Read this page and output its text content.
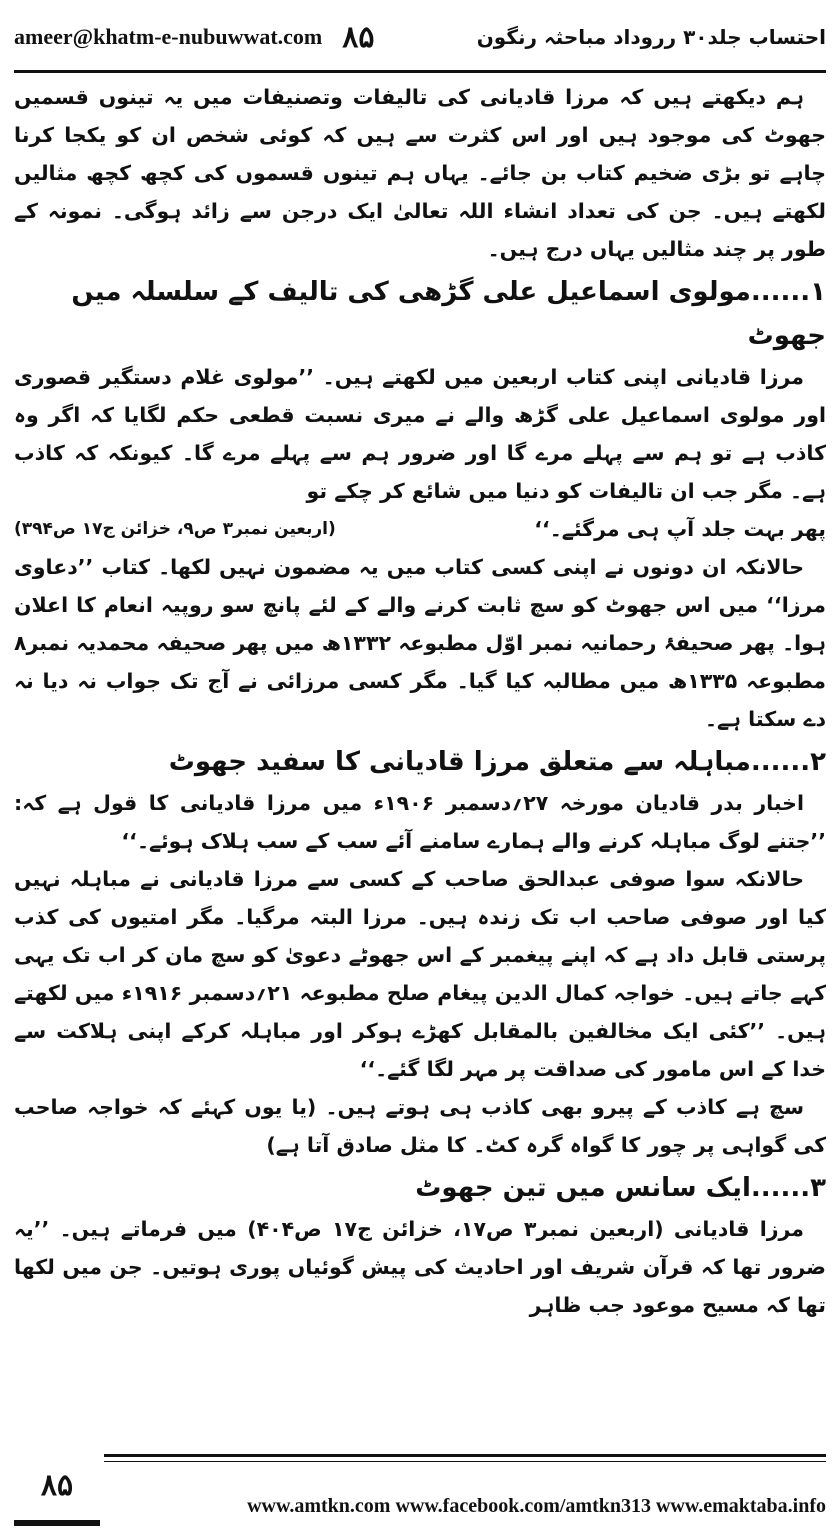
ameer@khatm-e-nubuwwat.com ۸۵	احتساب جلد۳۰ رروداد مباحثہ رنگون

ہم دیکھتے ہیں کہ مرزا قادیانی کی تالیفات وتصنیفات میں یہ تینوں قسمیں جھوٹ کی موجود ہیں اور اس کثرت سے ہیں کہ کوئی شخص ان کو یکجا کرنا چاہے تو بڑی ضخیم کتاب بن جائے۔ یہاں ہم تینوں قسموں کی کچھ کچھ مثالیں لکھتے ہیں۔ جن کی تعداد انشاء اللہ تعالیٰ ایک درجن سے زائد ہوگی۔ نمونہ کے طور پر چند مثالیں یہاں درج ہیں۔

۱......مولوی اسماعیل علی گڑھی کی تالیف کے سلسلہ میں جھوٹ

مرزا قادیانی اپنی کتاب اربعین میں لکھتے ہیں۔ ’’مولوی غلام دستگیر قصوری اور مولوی اسماعیل علی گڑھ والے نے میری نسبت قطعی حکم لگایا کہ اگر وہ کاذب ہے تو ہم سے پہلے مرے گا اور ضرور ہم سے پہلے مرے گا۔ کیونکہ کہ کاذب ہے۔ مگر جب ان تالیفات کو دنیا میں شائع کر چکے تو

پھر بہت جلد آپ ہی مرگئے۔‘‘
(اربعین نمبر۳ ص۹، خزائن ج۱۷ ص۳۹۴)

حالانکہ ان دونوں نے اپنی کسی کتاب میں یہ مضمون نہیں لکھا۔ کتاب ’’دعاوی مرزا‘‘ میں اس جھوٹ کو سچ ثابت کرنے والے کے لئے پانچ سو روپیہ انعام کا اعلان ہوا۔ پھر صحیفۂ رحمانیہ نمبر اوّل مطبوعہ ۱۳۳۲ھ میں پھر صحیفہ محمدیہ نمبر۸ مطبوعہ ۱۳۳۵ھ میں مطالبہ کیا گیا۔ مگر کسی مرزائی نے آج تک جواب نہ دیا نہ دے سکتا ہے۔

۲......مباہلہ سے متعلق مرزا قادیانی کا سفید جھوٹ

اخبار بدر قادیان مورخہ ۲۷؍دسمبر ۱۹۰۶ء میں مرزا قادیانی کا قول ہے کہ: ’’جتنے لوگ مباہلہ کرنے والے ہمارے سامنے آئے سب کے سب ہلاک ہوئے۔‘‘

حالانکہ سوا صوفی عبدالحق صاحب کے کسی سے مرزا قادیانی نے مباہلہ نہیں کیا اور صوفی صاحب اب تک زندہ ہیں۔ مرزا البتہ مرگیا۔ مگر امتیوں کی کذب پرستی قابل داد ہے کہ اپنے پیغمبر کے اس جھوٹے دعویٰ کو سچ مان کر اب تک یہی کہے جاتے ہیں۔ خواجہ کمال الدین پیغام صلح مطبوعہ ۲۱؍دسمبر ۱۹۱۶ء میں لکھتے ہیں۔ ’’کئی ایک مخالفین بالمقابل کھڑے ہوکر اور مباہلہ کرکے اپنی ہلاکت سے خدا کے اس مامور کی صداقت پر مہر لگا گئے۔‘‘

سچ ہے کاذب کے پیرو بھی کاذب ہی ہوتے ہیں۔ (یا یوں کہئے کہ خواجہ صاحب کی گواہی پر چور کا گواہ گرہ کٹ۔ کا مثل صادق آتا ہے)

۳......ایک سانس میں تین جھوٹ

مرزا قادیانی (اربعین نمبر۳ ص۱۷، خزائن ج۱۷ ص۴۰۴) میں فرماتے ہیں۔ ’’یہ ضرور تھا کہ قرآن شریف اور احادیث کی پیش گوئیاں پوری ہوتیں۔ جن میں لکھا تھا کہ مسیح موعود جب ظاہر

۸۵
www.amtkn.com www.facebook.com/amtkn313 www.emaktaba.info
